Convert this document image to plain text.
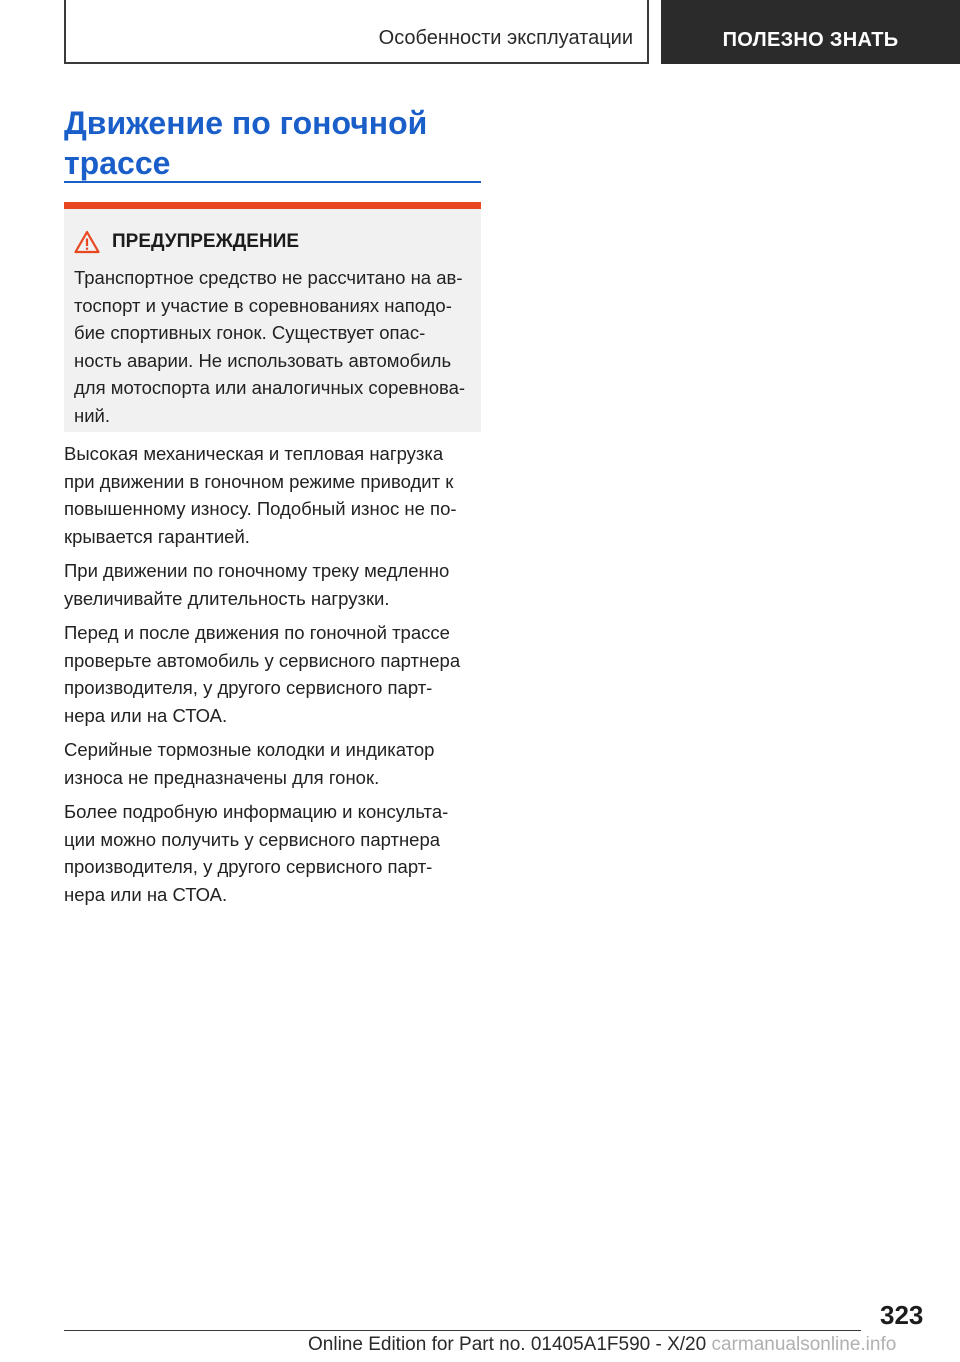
Особенности эксплуатации	ПОЛЕЗНО ЗНАТЬ
Движение по гоночной трассе
ПРЕДУПРЕЖДЕНИЕ
Транспортное средство не рассчитано на ав-
тоспорт и участие в соревнованиях наподо-
бие спортивных гонок. Существует опас-
ность аварии. Не использовать автомобиль
для мотоспорта или аналогичных соревнова-
ний.

Высокая механическая и тепловая нагрузка
при движении в гоночном режиме приводит к
повышенному износу. Подобный износ не по-
крывается гарантией.

При движении по гоночному треку медленно
увеличивайте длительность нагрузки.

Перед и после движения по гоночной трассе
проверьте автомобиль у сервисного партнера
производителя, у другого сервисного парт-
нера или на СТОА.

Серийные тормозные колодки и индикатор
износа не предназначены для гонок.

Более подробную информацию и консульта-
ции можно получить у сервисного партнера
производителя, у другого сервисного парт-
нера или на СТОА.

323
Online Edition for Part no. 01405A1F590 - X/20 carmanualsonline.info
